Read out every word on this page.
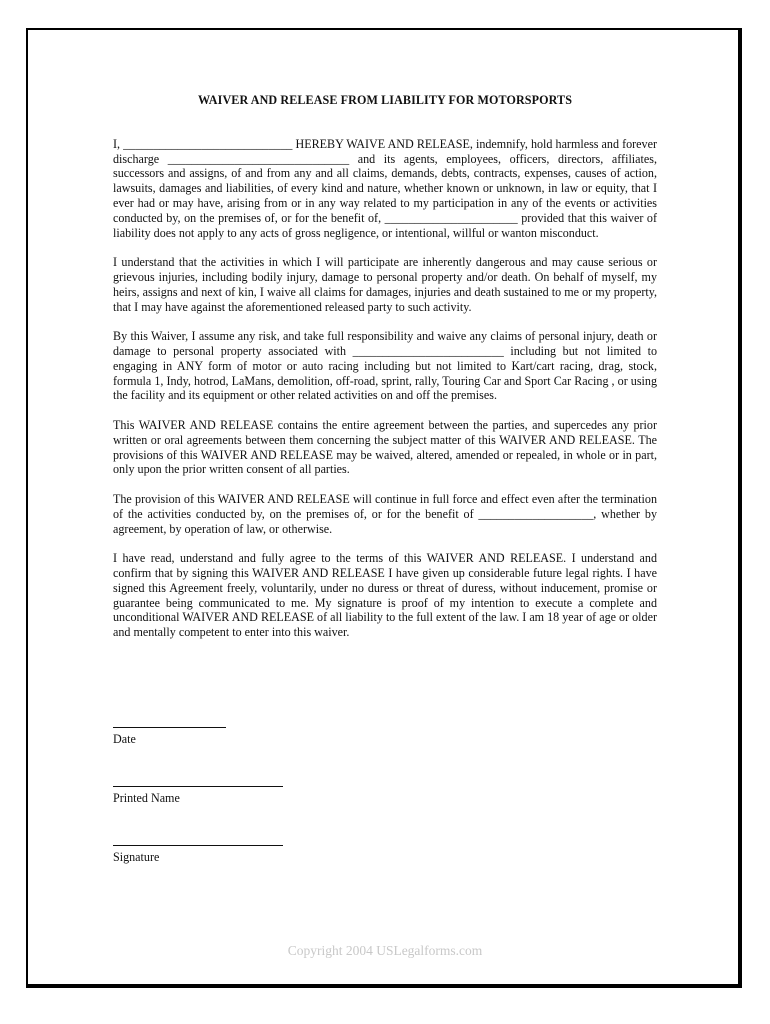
WAIVER AND RELEASE FROM LIABILITY FOR MOTORSPORTS

I, ____________________________ HEREBY WAIVE AND RELEASE, indemnify, hold harmless and forever discharge ______________________________ and its agents, employees, officers, directors, affiliates, successors and assigns, of and from any and all claims, demands, debts, contracts, expenses, causes of action, lawsuits, damages and liabilities, of every kind and nature, whether known or unknown, in law or equity, that I ever had or may have, arising from or in any way related to my participation in any of the events or activities conducted by, on the premises of, or for the benefit of, ______________________ provided that this waiver of liability does not apply to any acts of gross negligence, or intentional, willful or wanton misconduct.

I understand that the activities in which I will participate are inherently dangerous and may cause serious or grievous injuries, including bodily injury, damage to personal property and/or death. On behalf of myself, my heirs, assigns and next of kin, I waive all claims for damages, injuries and death sustained to me or my property, that I may have against the aforementioned released party to such activity.

By this Waiver, I assume any risk, and take full responsibility and waive any claims of personal injury, death or damage to personal property associated with _________________________ including but not limited to engaging in ANY form of motor or auto racing including but not limited to Kart/cart racing, drag, stock, formula 1, Indy, hotrod, LaMans, demolition, off-road, sprint, rally, Touring Car and Sport Car Racing , or using the facility and its equipment or other related activities on and off the premises.

This WAIVER AND RELEASE contains the entire agreement between the parties, and supercedes any prior written or oral agreements between them concerning the subject matter of this WAIVER AND RELEASE. The provisions of this WAIVER AND RELEASE may be waived, altered, amended or repealed, in whole or in part, only upon the prior written consent of all parties.

The provision of this WAIVER AND RELEASE will continue in full force and effect even after the termination of the activities conducted by, on the premises of, or for the benefit of ___________________, whether by agreement, by operation of law, or otherwise.

I have read, understand and fully agree to the terms of this WAIVER AND RELEASE. I understand and confirm that by signing this WAIVER AND RELEASE I have given up considerable future legal rights. I have signed this Agreement freely, voluntarily, under no duress or threat of duress, without inducement, promise or guarantee being communicated to me. My signature is proof of my intention to execute a complete and unconditional WAIVER AND RELEASE of all liability to the full extent of the law. I am 18 year of age or older and mentally competent to enter into this waiver.

Date
Printed Name
Signature
Copyright 2004 USLegalforms.com
